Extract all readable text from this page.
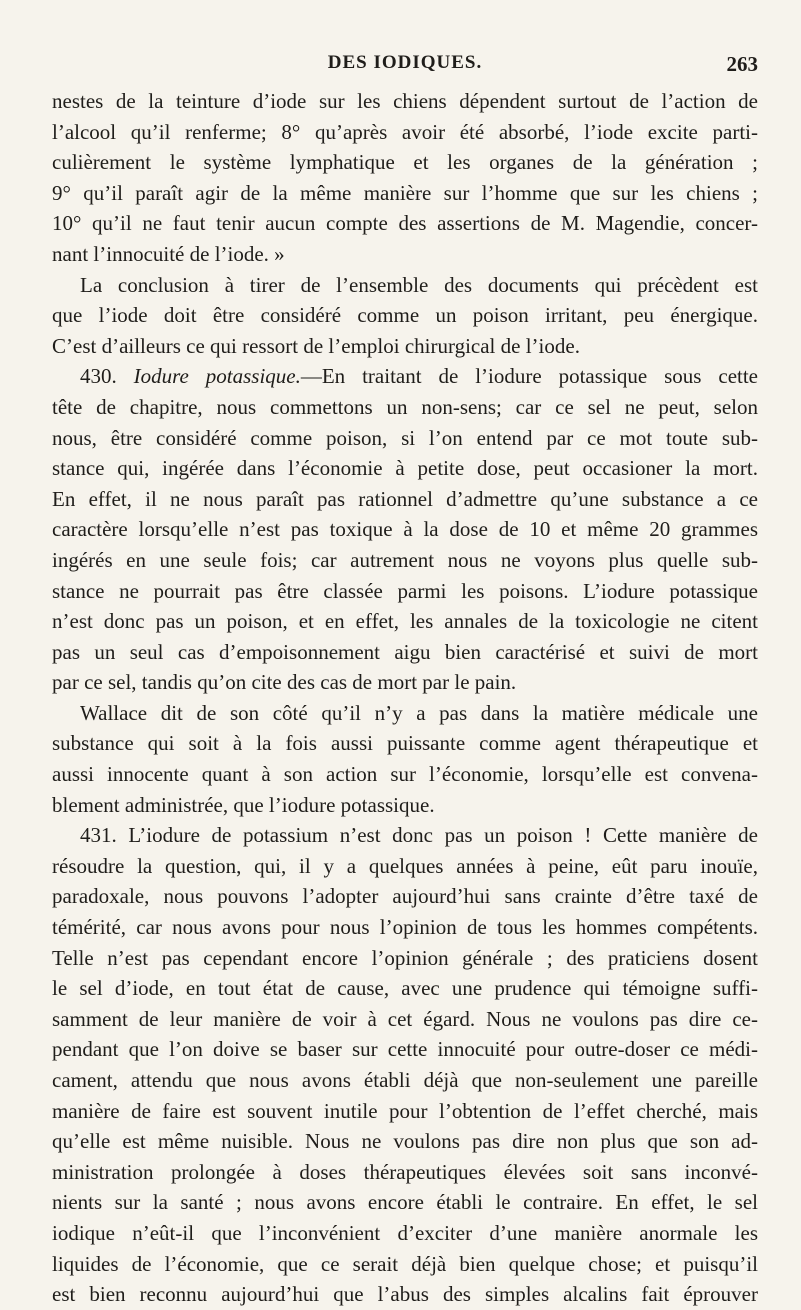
DES IODIQUES.	263
nestes de la teinture d’iode sur les chiens dépendent surtout de l’action de
l’alcool qu’il renferme; 8° qu’après avoir été absorbé, l’iode excite parti-
culièrement le système lymphatique et les organes de la génération ;
9° qu’il paraît agir de la même manière sur l’homme que sur les chiens ;
10° qu’il ne faut tenir aucun compte des assertions de M. Magendie, concer-
nant l’innocuité de l’iode. »
La conclusion à tirer de l’ensemble des documents qui précèdent est
que l’iode doit être considéré comme un poison irritant, peu énergique.
C’est d’ailleurs ce qui ressort de l’emploi chirurgical de l’iode.
430. Iodure potassique.—En traitant de l’iodure potassique sous cette
tête de chapitre, nous commettons un non-sens; car ce sel ne peut, selon
nous, être considéré comme poison, si l’on entend par ce mot toute sub-
stance qui, ingérée dans l’économie à petite dose, peut occasioner la mort.
En effet, il ne nous paraît pas rationnel d’admettre qu’une substance a ce
caractère lorsqu’elle n’est pas toxique à la dose de 10 et même 20 grammes
ingérés en une seule fois; car autrement nous ne voyons plus quelle sub-
stance ne pourrait pas être classée parmi les poisons. L’iodure potassique
n’est donc pas un poison, et en effet, les annales de la toxicologie ne citent
pas un seul cas d’empoisonnement aigu bien caractérisé et suivi de mort
par ce sel, tandis qu’on cite des cas de mort par le pain.
Wallace dit de son côté qu’il n’y a pas dans la matière médicale une
substance qui soit à la fois aussi puissante comme agent thérapeutique et
aussi innocente quant à son action sur l’économie, lorsqu’elle est convena-
blement administrée, que l’iodure potassique.
431. L’iodure de potassium n’est donc pas un poison ! Cette manière de
résoudre la question, qui, il y a quelques années à peine, eût paru inouïe,
paradoxale, nous pouvons l’adopter aujourd’hui sans crainte d’être taxé de
témérité, car nous avons pour nous l’opinion de tous les hommes compétents.
Telle n’est pas cependant encore l’opinion générale ; des praticiens dosent
le sel d’iode, en tout état de cause, avec une prudence qui témoigne suffi-
samment de leur manière de voir à cet égard. Nous ne voulons pas dire ce-
pendant que l’on doive se baser sur cette innocuité pour outre-doser ce médi-
cament, attendu que nous avons établi déjà que non-seulement une pareille
manière de faire est souvent inutile pour l’obtention de l’effet cherché, mais
qu’elle est même nuisible. Nous ne voulons pas dire non plus que son ad-
ministration prolongée à doses thérapeutiques élevées soit sans inconvé-
nients sur la santé ; nous avons encore établi le contraire. En effet, le sel
iodique n’eût-il que l’inconvénient d’exciter d’une manière anormale les
liquides de l’économie, que ce serait déjà bien quelque chose; et puisqu’il
est bien reconnu aujourd’hui que l’abus des simples alcalins fait éprouver
